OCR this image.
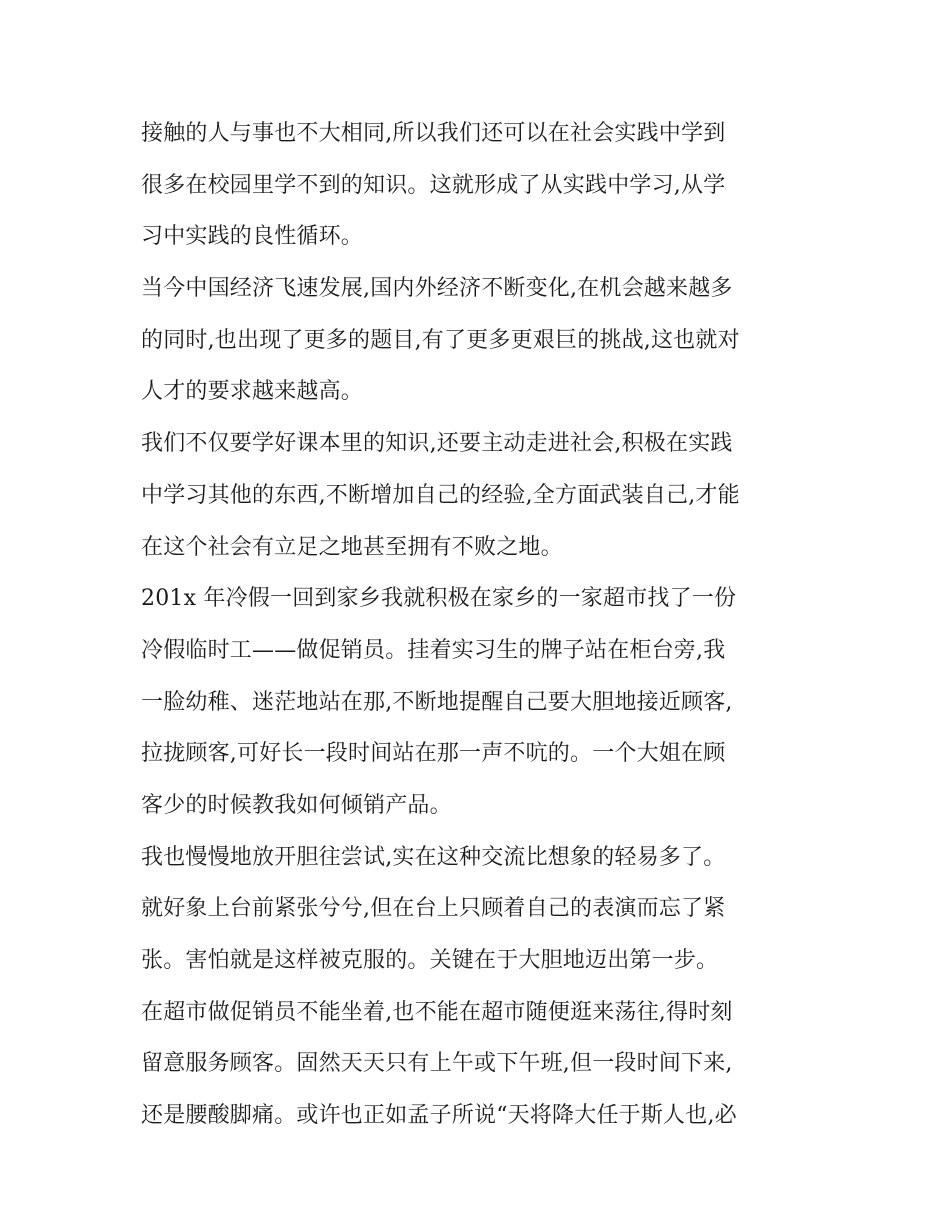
接触的人与事也不大相同,所以我们还可以在社会实践中学到
很多在校园里学不到的知识。这就形成了从实践中学习,从学
习中实践的良性循环。
当今中国经济飞速发展,国内外经济不断变化,在机会越来越多
的同时,也出现了更多的题目,有了更多更艰巨的挑战,这也就对
人才的要求越来越高。
我们不仅要学好课本里的知识,还要主动走进社会,积极在实践
中学习其他的东西,不断增加自己的经验,全方面武装自己,才能
在这个社会有立足之地甚至拥有不败之地。
201x 年冷假一回到家乡我就积极在家乡的一家超市找了一份
冷假临时工——做促销员。挂着实习生的牌子站在柜台旁,我
一脸幼稚、迷茫地站在那,不断地提醒自己要大胆地接近顾客,
拉拢顾客,可好长一段时间站在那一声不吭的。一个大姐在顾
客少的时候教我如何倾销产品。
我也慢慢地放开胆往尝试,实在这种交流比想象的轻易多了。
就好象上台前紧张兮兮,但在台上只顾着自己的表演而忘了紧
张。害怕就是这样被克服的。关键在于大胆地迈出第一步。
在超市做促销员不能坐着,也不能在超市随便逛来荡往,得时刻
留意服务顾客。固然天天只有上午或下午班,但一段时间下来,
还是腰酸脚痛。或许也正如孟子所说“天将降大任于斯人也,必
